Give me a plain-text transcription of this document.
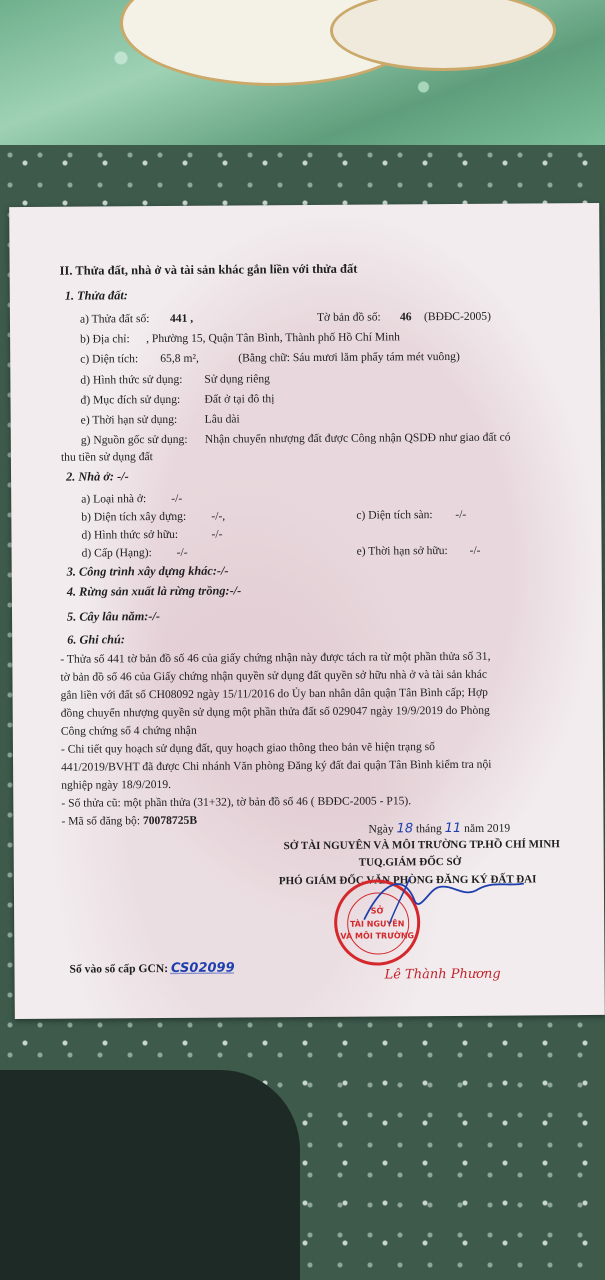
II. Thửa đất, nhà ở và tài sản khác gắn liền với thửa đất
1. Thửa đất:
a) Thửa đất số: 441 ,	Tờ bản đồ số: 46 (BĐĐC-2005)
b) Địa chỉ: , Phường 15, Quận Tân Bình, Thành phố Hồ Chí Minh
c) Diện tích: 65,8 m²,	(Bằng chữ: Sáu mươi lăm phẩy tám mét vuông)
d) Hình thức sử dụng: Sử dụng riêng
đ) Mục đích sử dụng: Đất ở tại đô thị
e) Thời hạn sử dụng: Lâu dài
g) Nguồn gốc sử dụng: Nhận chuyển nhượng đất được Công nhận QSDĐ như giao đất có
thu tiền sử dụng đất
2. Nhà ở: -/-
a) Loại nhà ở: -/-
b) Diện tích xây dựng: -/-,	c) Diện tích sàn: -/-
d) Hình thức sở hữu:	-/-
d) Cấp (Hạng): -/-	e) Thời hạn sở hữu: -/-
3. Công trình xây dựng khác:-/-
4. Rừng sản xuất là rừng trồng:-/-
5. Cây lâu năm:-/-
6. Ghi chú:
- Thửa số 441 tờ bản đồ số 46 của giấy chứng nhận này được tách ra từ một phần thửa số 31,
tờ bản đồ số 46 của Giấy chứng nhận quyền sử dụng đất quyền sở hữu nhà ở và tài sản khác
gắn liền với đất số CH08092 ngày 15/11/2016 do Ủy ban nhân dân quận Tân Bình cấp; Hợp
đồng chuyển nhượng quyền sử dụng một phần thửa đất số 029047 ngày 19/9/2019 do Phòng
Công chứng số 4 chứng nhận
- Chi tiết quy hoạch sử dụng đất, quy hoạch giao thông theo bản vẽ hiện trạng số
441/2019/BVHT đã được Chi nhánh Văn phòng Đăng ký đất đai quận Tân Bình kiểm tra nội
nghiệp ngày 18/9/2019.
- Số thửa cũ: một phần thửa (31+32), tờ bản đồ số 46 ( BĐĐC-2005 - P15).
- Mã số đăng bộ: 70078725B
Ngày 18 tháng 11 năm 2019
SỞ TÀI NGUYÊN VÀ MÔI TRƯỜNG TP.HỒ CHÍ MINH
TUQ.GIÁM ĐỐC SỞ
PHÓ GIÁM ĐỐC VĂN PHÒNG ĐĂNG KÝ ĐẤT ĐAI
SỞ
TÀI NGUYÊN
VÀ MÔI TRƯỜNG
Lê Thành Phương
Số vào sổ cấp GCN: CS02099
